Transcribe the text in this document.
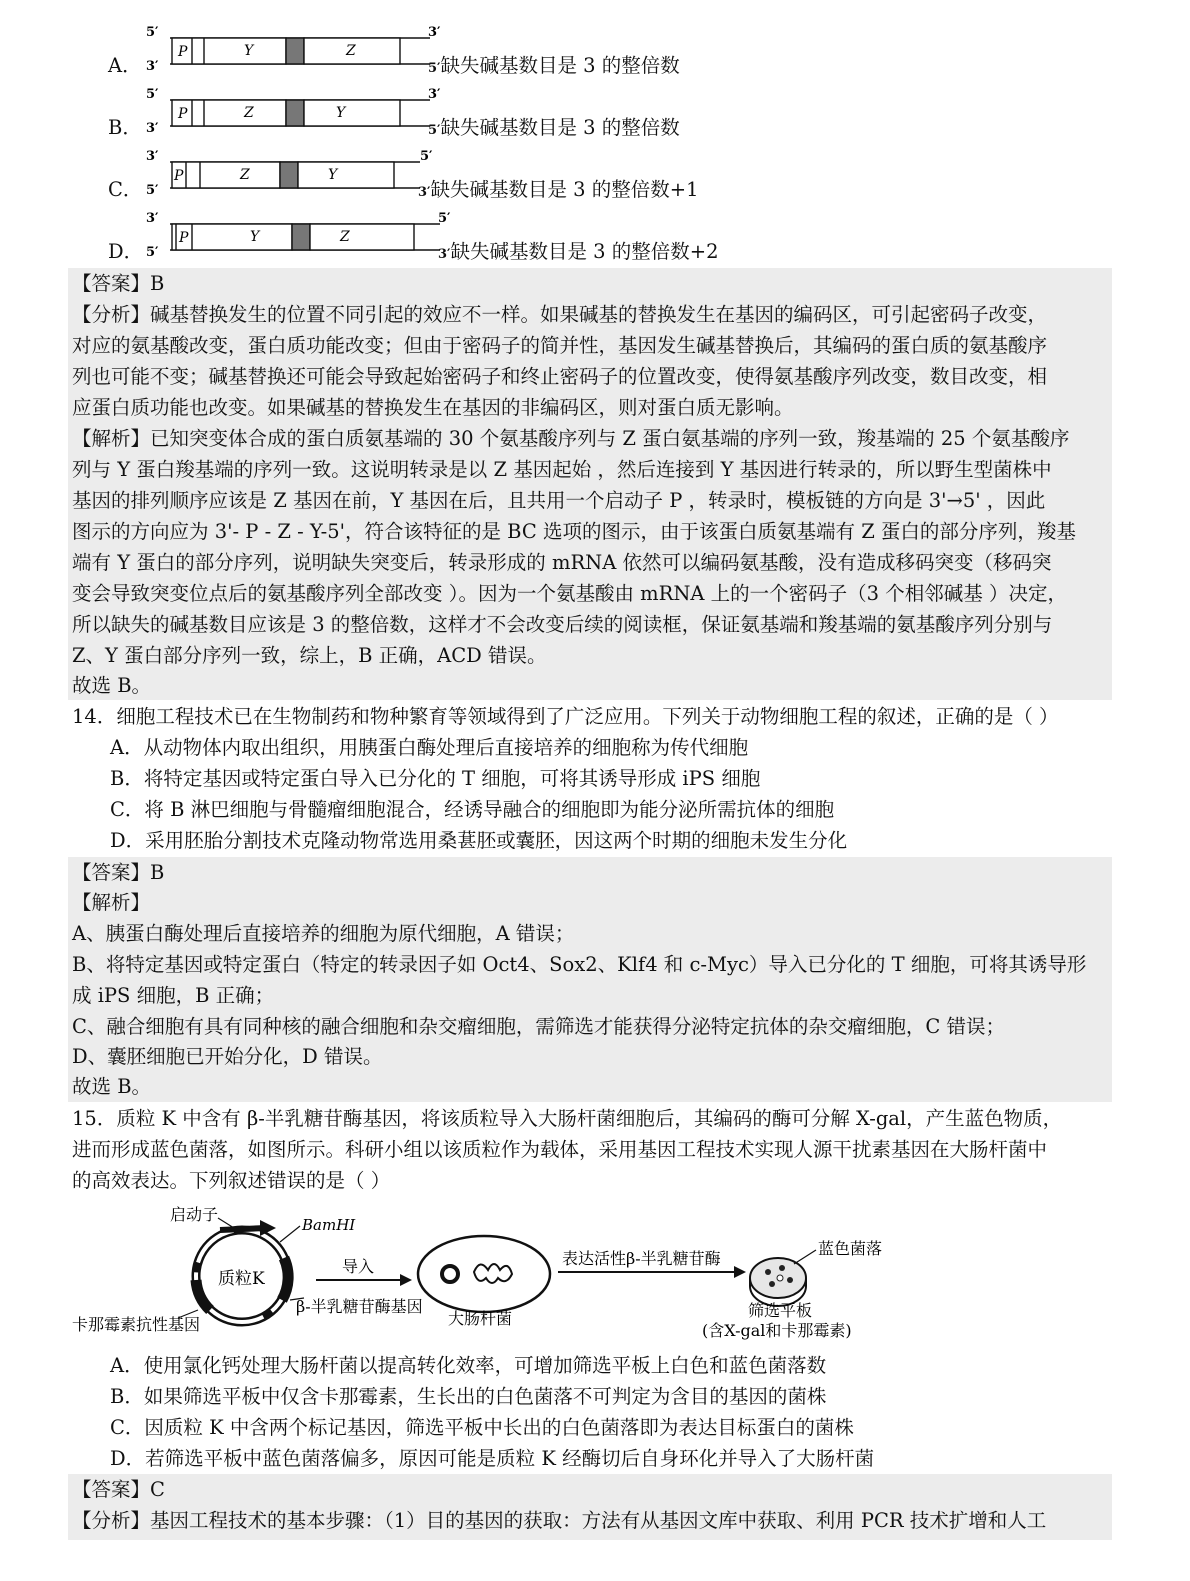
A．
5′
3′
3′
P	Y	Z
5′缺失碱基数目是 3 的整倍数
B．
5′
3′
3′
P	Z	Y
5′缺失碱基数目是 3 的整倍数
C．
3′
5′
5′
P	Z	Y
3′缺失碱基数目是 3 的整倍数+1
D．
3′
5′
5′
P	Y	Z
3′缺失碱基数目是 3 的整倍数+2
【答案】B
【分析】碱基替换发生的位置不同引起的效应不一样。如果碱基的替换发生在基因的编码区，可引起密码子改变，
对应的氨基酸改变，蛋白质功能改变；但由于密码子的简并性，基因发生碱基替换后，其编码的蛋白质的氨基酸序
列也可能不变；碱基替换还可能会导致起始密码子和终止密码子的位置改变，使得氨基酸序列改变，数目改变，相
应蛋白质功能也改变。如果碱基的替换发生在基因的非编码区，则对蛋白质无影响。
【解析】已知突变体合成的蛋白质氨基端的 30 个氨基酸序列与 Z 蛋白氨基端的序列一致，羧基端的 25 个氨基酸序
列与 Y 蛋白羧基端的序列一致。这说明转录是以 Z 基因起始 ，然后连接到 Y 基因进行转录的，所以野生型菌株中
基因的排列顺序应该是 Z 基因在前，Y 基因在后，且共用一个启动子 P ，转录时，模板链的方向是 3'→5' ，因此
图示的方向应为 3'- P - Z - Y-5'，符合该特征的是 BC 选项的图示，由于该蛋白质氨基端有 Z 蛋白的部分序列，羧基
端有 Y 蛋白的部分序列，说明缺失突变后，转录形成的 mRNA 依然可以编码氨基酸，没有造成移码突变（移码突
变会导致突变位点后的氨基酸序列全部改变 ）。因为一个氨基酸由 mRNA 上的一个密码子（3 个相邻碱基 ）决定，
所以缺失的碱基数目应该是 3 的整倍数，这样才不会改变后续的阅读框，保证氨基端和羧基端的氨基酸序列分别与
Z、Y 蛋白部分序列一致，综上，B 正确，ACD 错误。
故选 B。
14．细胞工程技术已在生物制药和物种繁育等领域得到了广泛应用。下列关于动物细胞工程的叙述，正确的是（ ）
A．从动物体内取出组织，用胰蛋白酶处理后直接培养的细胞称为传代细胞
B．将特定基因或特定蛋白导入已分化的 T 细胞，可将其诱导形成 iPS 细胞
C．将 B 淋巴细胞与骨髓瘤细胞混合，经诱导融合的细胞即为能分泌所需抗体的细胞
D．采用胚胎分割技术克隆动物常选用桑葚胚或囊胚，因这两个时期的细胞未发生分化
【答案】B
【解析】
A、胰蛋白酶处理后直接培养的细胞为原代细胞，A 错误；
B、将特定基因或特定蛋白（特定的转录因子如 Oct4、Sox2、Klf4 和 c-Myc）导入已分化的 T 细胞，可将其诱导形
成 iPS 细胞，B 正确；
C、融合细胞有具有同种核的融合细胞和杂交瘤细胞，需筛选才能获得分泌特定抗体的杂交瘤细胞，C 错误；
D、囊胚细胞已开始分化，D 错误。
故选 B。
15．质粒 K 中含有 β-半乳糖苷酶基因，将该质粒导入大肠杆菌细胞后，其编码的酶可分解 X-gal，产生蓝色物质，
进而形成蓝色菌落，如图所示。科研小组以该质粒作为载体，采用基因工程技术实现人源干扰素基因在大肠杆菌中
的高效表达。下列叙述错误的是（ ）
启动子
BamHⅠ
质粒K
卡那霉素抗性基因
β-半乳糖苷酶基因
导入
大肠杆菌
表达活性β-半乳糖苷酶
蓝色菌落
筛选平板
(含X-gal和卡那霉素)
A．使用氯化钙处理大肠杆菌以提高转化效率，可增加筛选平板上白色和蓝色菌落数
B．如果筛选平板中仅含卡那霉素，生长出的白色菌落不可判定为含目的基因的菌株
C．因质粒 K 中含两个标记基因，筛选平板中长出的白色菌落即为表达目标蛋白的菌株
D．若筛选平板中蓝色菌落偏多，原因可能是质粒 K 经酶切后自身环化并导入了大肠杆菌
【答案】C
【分析】基因工程技术的基本步骤：（1）目的基因的获取：方法有从基因文库中获取、利用 PCR 技术扩增和人工
